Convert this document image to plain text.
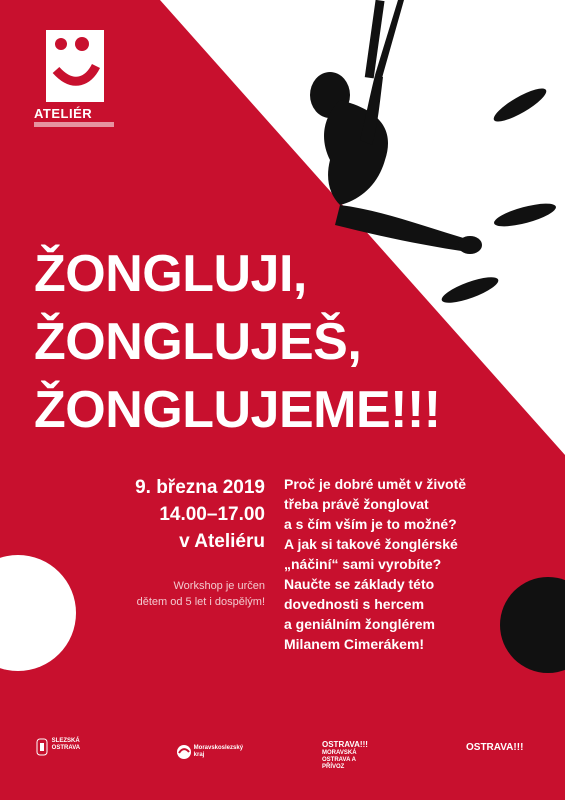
ATELIÉR
ŽONGLUJI,
ŽONGLUJEŠ,
ŽONGLUJEME!!!
9. března 2019
14.00–17.00
v Ateliéru
Workshop je určen
dětem od 5 let i dospělým!
Proč je dobré umět v životě
třeba právě žonglovat
a s čím vším je to možné?
A jak si takové žonglérské
„náčiní“ sami vyrobíte?
Naučte se základy této
dovednosti s hercem
a geniálním žonglérem
Milanem Cimerákem!
SLEZSKÁ OSTRAVA	Moravskoslezský kraj
OSTRAVA!!!
MORAVSKÁ OSTRAVA A PŘÍVOZ
OSTRAVA!!!
